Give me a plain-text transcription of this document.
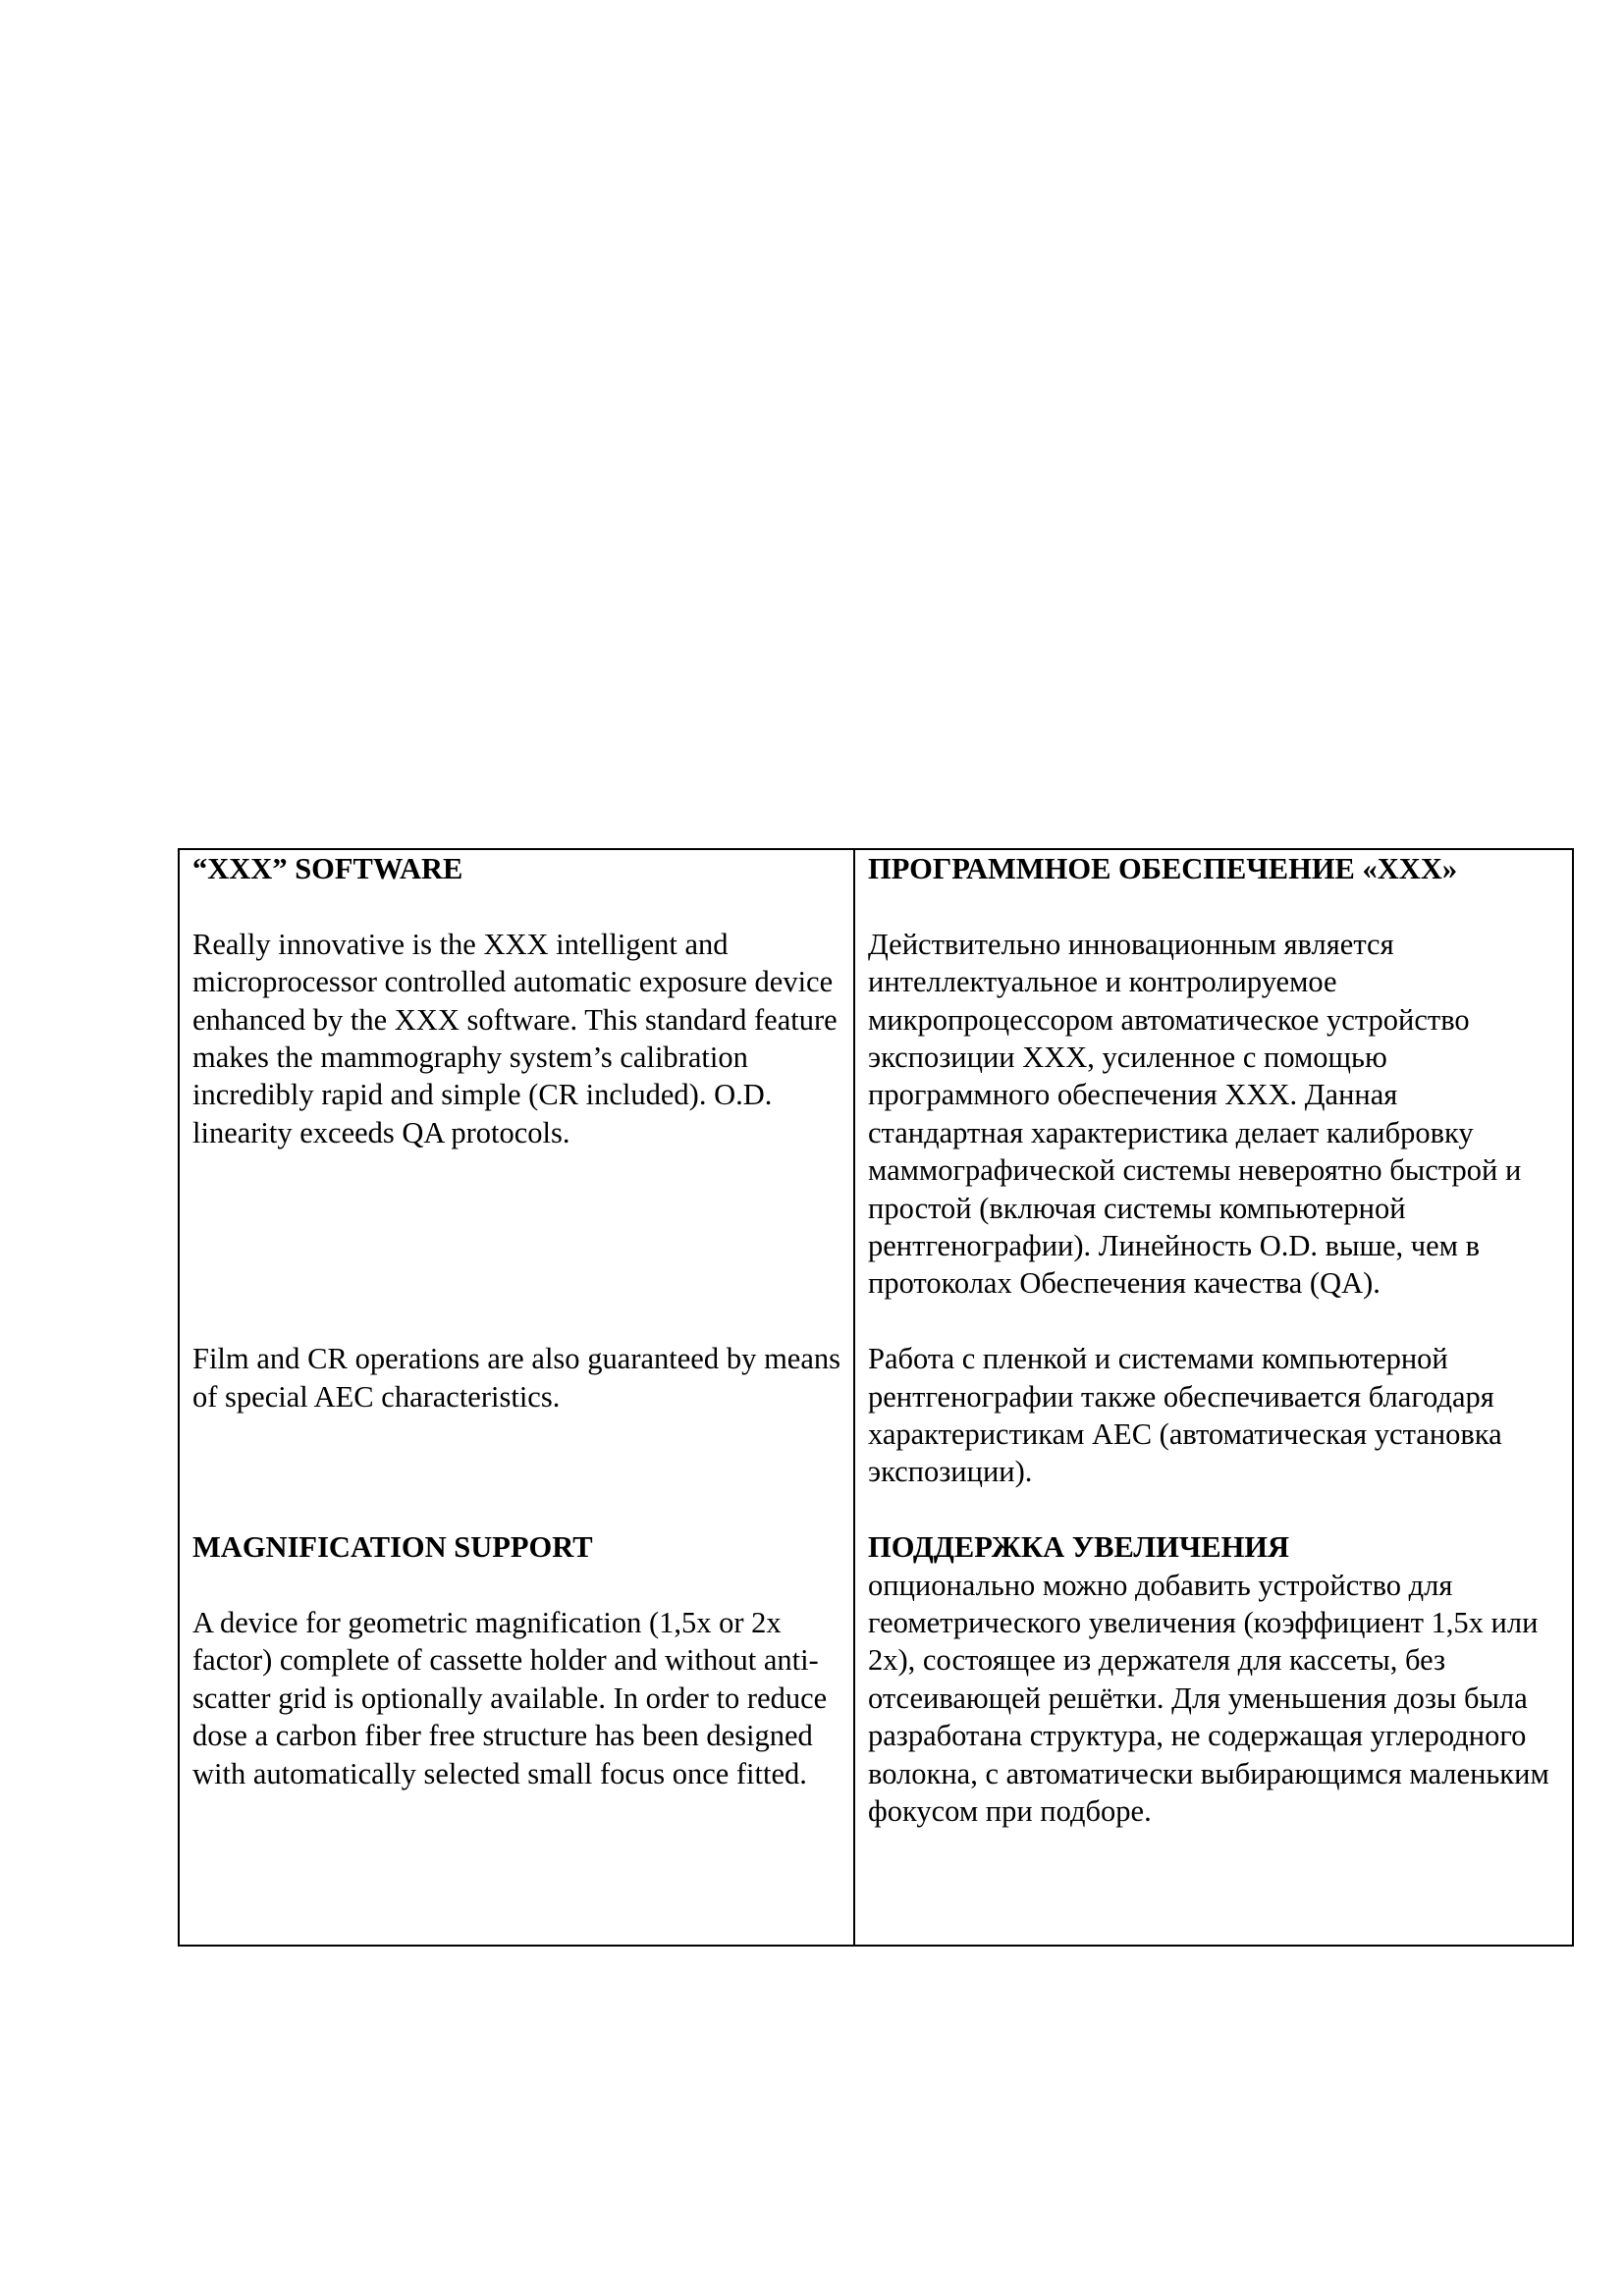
“XXX” SOFTWARE

Really innovative is the XXX intelligent and microprocessor controlled automatic exposure device enhanced by the XXX software. This standard feature makes the mammography system’s calibration incredibly rapid and simple (CR included). O.D. linearity exceeds QA protocols.

Film and CR operations are also guaranteed by means of special AEC characteristics.

MAGNIFICATION SUPPORT

A device for geometric magnification (1,5x or 2x factor) complete of cassette holder and without anti-scatter grid is optionally available. In order to reduce dose a carbon fiber free structure has been designed with automatically selected small focus once fitted.

ПРОГРАММНОЕ ОБЕСПЕЧЕНИЕ «XXX»

Действительно инновационным является интеллектуальное и контролируемое микропроцессором автоматическое устройство экспозиции XXX, усиленное с помощью программного обеспечения XXX. Данная стандартная характеристика делает калибровку маммографической системы невероятно быстрой и простой (включая системы компьютерной рентгенографии). Линейность O.D. выше, чем в протоколах Обеспечения качества (QA).

Работа с пленкой и системами компьютерной рентгенографии также обеспечивается благодаря характеристикам AEC (автоматическая установка экспозиции).

ПОДДЕРЖКА УВЕЛИЧЕНИЯ

опционально можно добавить устройство для геометрического увеличения (коэффициент 1,5x или 2x), состоящее из держателя для кассеты, без отсеивающей решётки. Для уменьшения дозы была разработана структура, не содержащая углеродного волокна, с автоматически выбирающимся маленьким фокусом при подборе.
